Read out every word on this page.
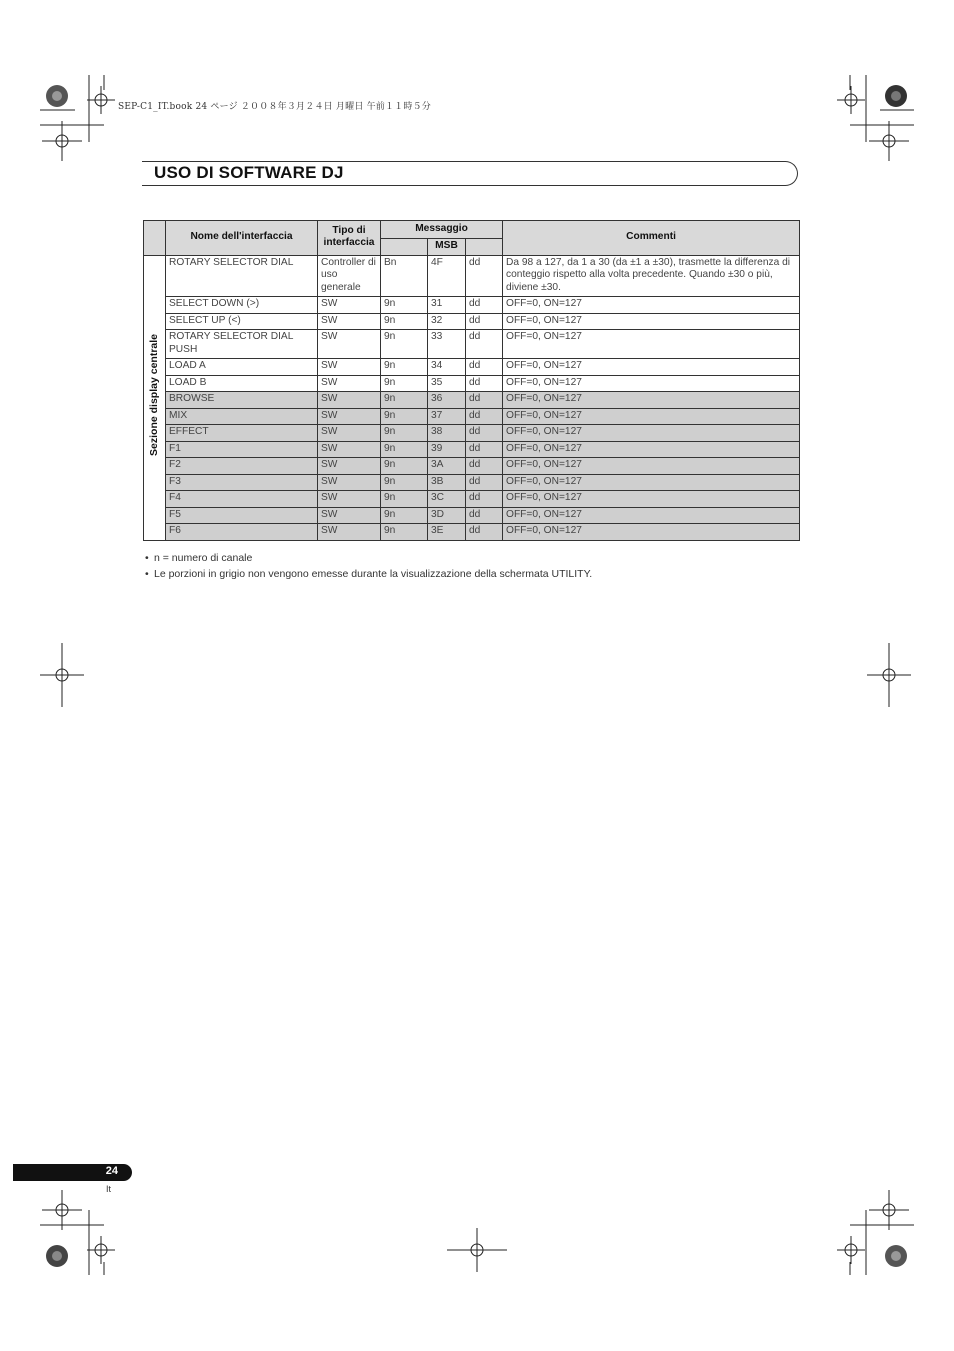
SEP-C1_IT.book 24 ページ ２００８年３月２４日 月曜日 午前１１時５分
USO DI SOFTWARE DJ
	Nome dell'interfaccia	Tipo di interfaccia	Messaggio			Commenti
				MSB		
Sezione display centrale	ROTARY SELECTOR DIAL	Controller di uso generale	Bn	4F	dd	Da 98 a 127, da 1 a 30 (da ±1 a ±30), trasmette la differenza di conteggio rispetto alla volta precedente. Quando ±30 o più, diviene ±30.
	SELECT DOWN (>)	SW	9n	31	dd	OFF=0, ON=127
	SELECT UP (<)	SW	9n	32	dd	OFF=0, ON=127
	ROTARY SELECTOR DIAL PUSH	SW	9n	33	dd	OFF=0, ON=127
	LOAD A	SW	9n	34	dd	OFF=0, ON=127
	LOAD B	SW	9n	35	dd	OFF=0, ON=127
	BROWSE	SW	9n	36	dd	OFF=0, ON=127
	MIX	SW	9n	37	dd	OFF=0, ON=127
	EFFECT	SW	9n	38	dd	OFF=0, ON=127
	F1	SW	9n	39	dd	OFF=0, ON=127
	F2	SW	9n	3A	dd	OFF=0, ON=127
	F3	SW	9n	3B	dd	OFF=0, ON=127
	F4	SW	9n	3C	dd	OFF=0, ON=127
	F5	SW	9n	3D	dd	OFF=0, ON=127
	F6	SW	9n	3E	dd	OFF=0, ON=127
• n = numero di canale
• Le porzioni in grigio non vengono emesse durante la visualizzazione della schermata UTILITY.
24
It
